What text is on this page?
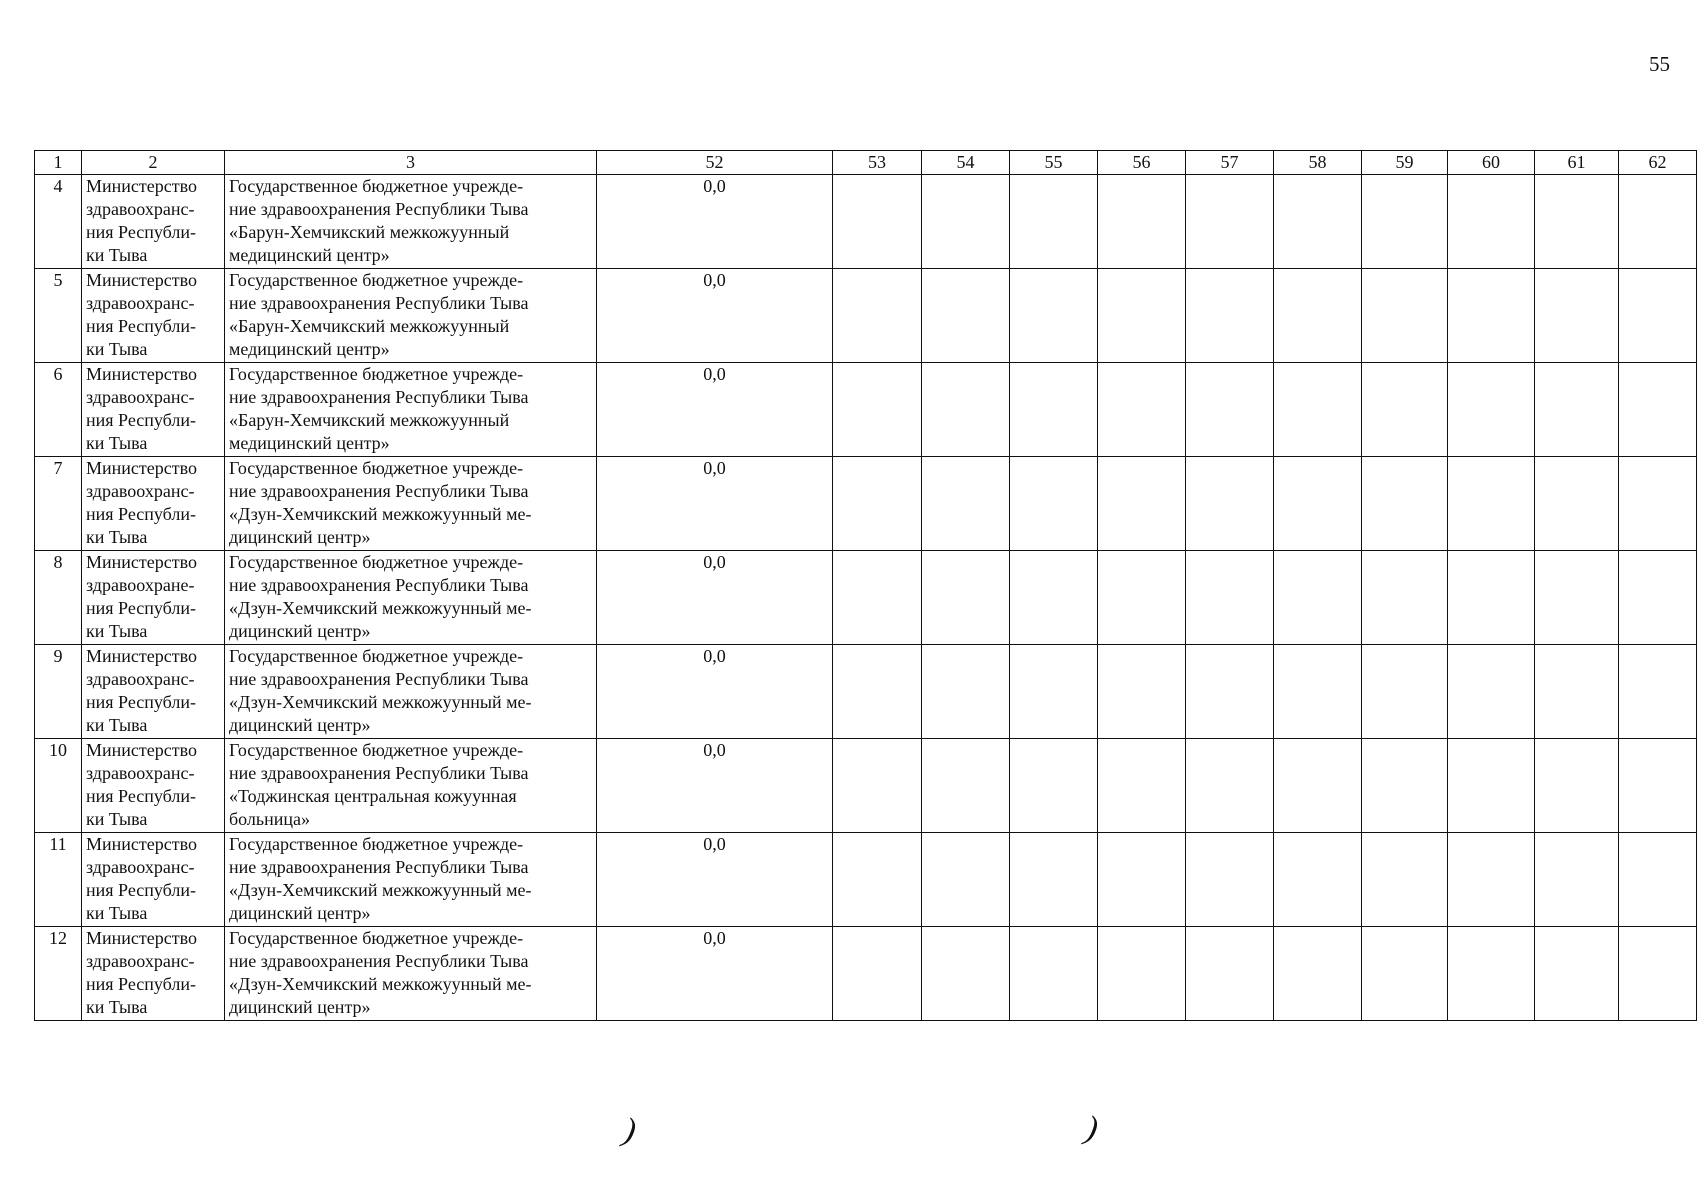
55
1	2	3	52	53	54	55	56	57	58	59	60	61	62
4	Министерство
здравоохранс-
ния Республи-
ки Тыва	Государственное бюджетное учрежде-
ние здравоохранения Республики Тыва
«Барун-Хемчикский межкожуунный
медицинский центр»	0,0										
5	Министерство
здравоохранс-
ния Республи-
ки Тыва	Государственное бюджетное учрежде-
ние здравоохранения Республики Тыва
«Барун-Хемчикский межкожуунный
медицинский центр»	0,0										
6	Министерство
здравоохранс-
ния Республи-
ки Тыва	Государственное бюджетное учрежде-
ние здравоохранения Республики Тыва
«Барун-Хемчикский межкожуунный
медицинский центр»	0,0										
7	Министерство
здравоохранс-
ния Республи-
ки Тыва	Государственное бюджетное учрежде-
ние здравоохранения Республики Тыва
«Дзун-Хемчикский межкожуунный ме-
дицинский центр»	0,0										
8	Министерство
здравоохране-
ния Республи-
ки Тыва	Государственное бюджетное учрежде-
ние здравоохранения Республики Тыва
«Дзун-Хемчикский межкожуунный ме-
дицинский центр»	0,0										
9	Министерство
здравоохранс-
ния Республи-
ки Тыва	Государственное бюджетное учрежде-
ние здравоохранения Республики Тыва
«Дзун-Хемчикский межкожуунный ме-
дицинский центр»	0,0										
10	Министерство
здравоохранс-
ния Республи-
ки Тыва	Государственное бюджетное учрежде-
ние здравоохранения Республики Тыва
«Тоджинская центральная кожуунная
больница»	0,0										
11	Министерство
здравоохранс-
ния Республи-
ки Тыва	Государственное бюджетное учрежде-
ние здравоохранения Республики Тыва
«Дзун-Хемчикский межкожуунный ме-
дицинский центр»	0,0										
12	Министерство
здравоохранс-
ния Республи-
ки Тыва	Государственное бюджетное учрежде-
ние здравоохранения Республики Тыва
«Дзун-Хемчикский межкожуунный ме-
дицинский центр»	0,0										
)	)
